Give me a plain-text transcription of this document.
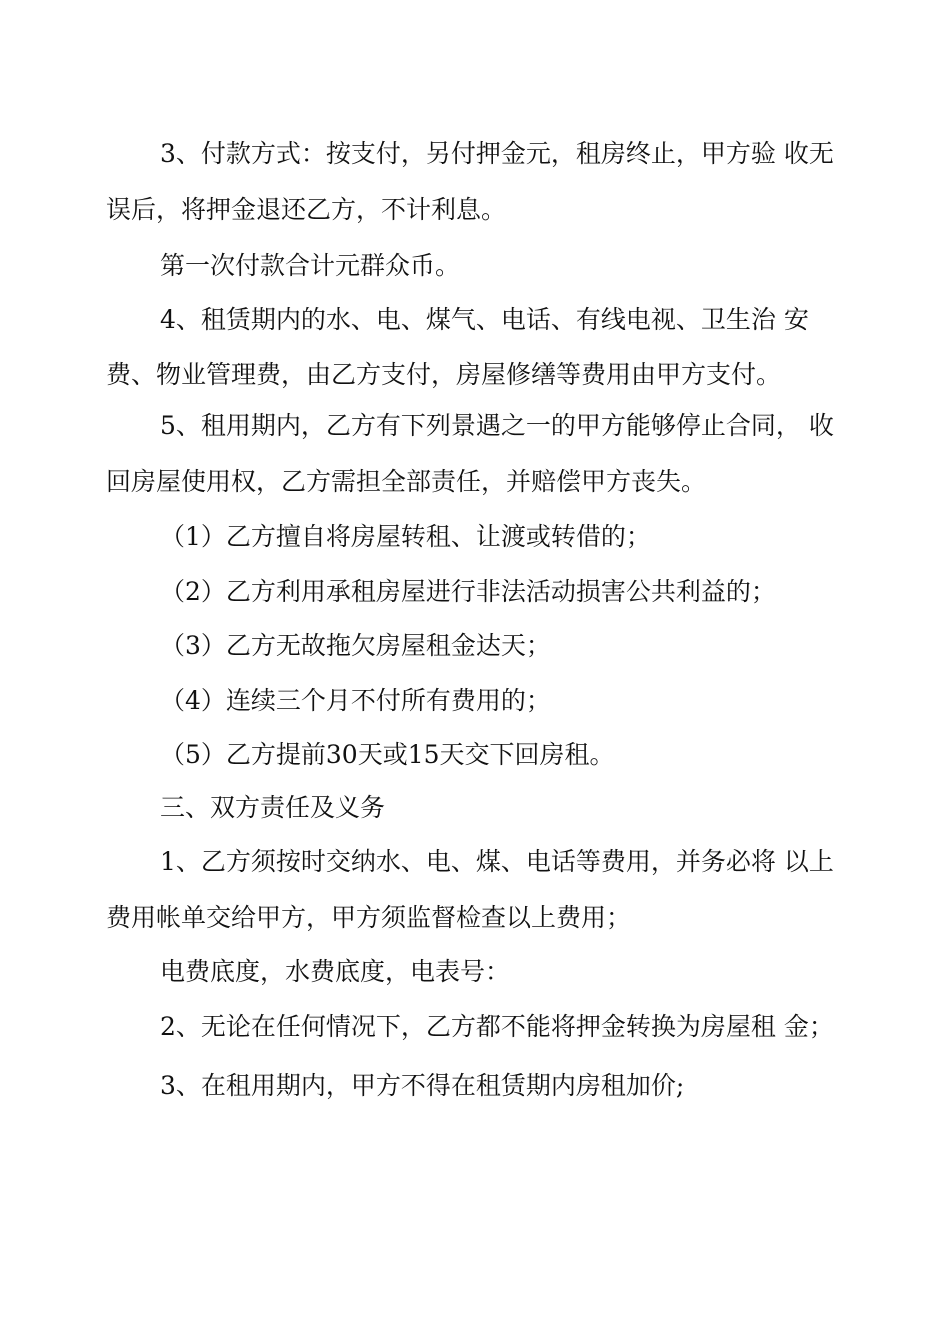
3、付款方式：按支付，另付押金元，租房终止，甲方验 收无
误后，将押金退还乙方，不计利息。
第一次付款合计元群众币。
4、租赁期内的水、电、煤气、电话、有线电视、卫生治 安
费、物业管理费，由乙方支付，房屋修缮等费用由甲方支付。
5、租用期内，乙方有下列景遇之一的甲方能够停止合同， 收
回房屋使用权，乙方需担全部责任，并赔偿甲方丧失。
（1）乙方擅自将房屋转租、让渡或转借的；
（2）乙方利用承租房屋进行非法活动损害公共利益的；
（3）乙方无故拖欠房屋租金达天；
（4）连续三个月不付所有费用的；
（5）乙方提前30天或15天交下回房租。
三、双方责任及义务
1、乙方须按时交纳水、电、煤、电话等费用，并务必将 以上
费用帐单交给甲方，甲方须监督检查以上费用；
电费底度，水费底度，电表号：
2、无论在任何情况下，乙方都不能将押金转换为房屋租 金；
3、在租用期内，甲方不得在租赁期内房租加价;
